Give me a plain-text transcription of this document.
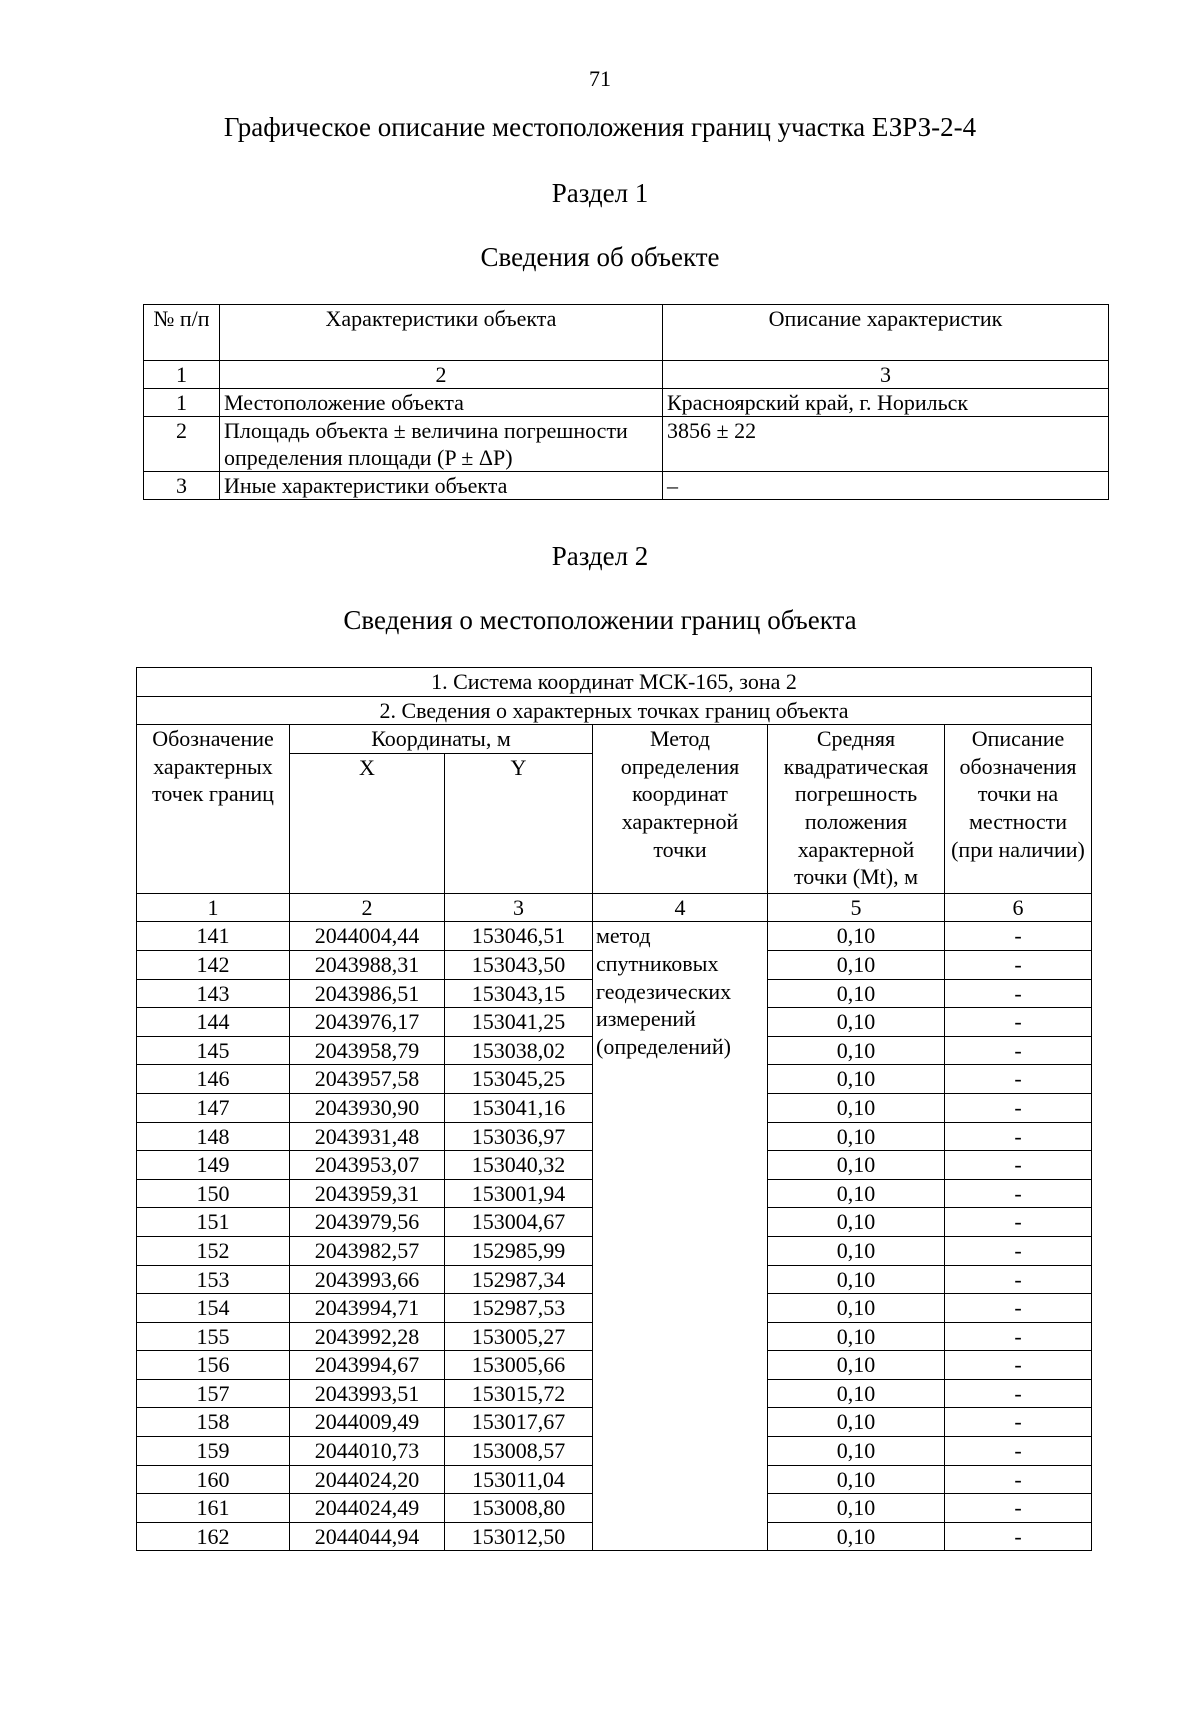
71
Графическое описание местоположения границ участка ЕЗРЗ-2-4
Раздел 1
Сведения об объекте
№ п/п	Характеристики объекта	Описание характеристик
1	2	3
1	Местоположение объекта	Красноярский край, г. Норильск
2	Площадь объекта ± величина погрешности определения площади (P ± ΔP)	3856 ± 22
3	Иные характеристики объекта	–
Раздел 2
Сведения о местоположении границ объекта
1. Система координат МСК-165, зона 2					
2. Сведения о характерных точках границ объекта					
Обозначение характерных точек границ	Координаты, м		Метод определения координат характерной точки	Средняя квадратическая погрешность положения характерной точки (Mt), м	Описание обозначения точки на местности (при наличии)
	X	Y			
1	2	3	4	5	6
141	2044004,44	153046,51	метод спутниковых геодезических измерений (определений)	0,10	-
142	2043988,31	153043,50		0,10	-
143	2043986,51	153043,15		0,10	-
144	2043976,17	153041,25		0,10	-
145	2043958,79	153038,02		0,10	-
146	2043957,58	153045,25		0,10	-
147	2043930,90	153041,16		0,10	-
148	2043931,48	153036,97		0,10	-
149	2043953,07	153040,32		0,10	-
150	2043959,31	153001,94		0,10	-
151	2043979,56	153004,67		0,10	-
152	2043982,57	152985,99		0,10	-
153	2043993,66	152987,34		0,10	-
154	2043994,71	152987,53		0,10	-
155	2043992,28	153005,27		0,10	-
156	2043994,67	153005,66		0,10	-
157	2043993,51	153015,72		0,10	-
158	2044009,49	153017,67		0,10	-
159	2044010,73	153008,57		0,10	-
160	2044024,20	153011,04		0,10	-
161	2044024,49	153008,80		0,10	-
162	2044044,94	153012,50		0,10	-
